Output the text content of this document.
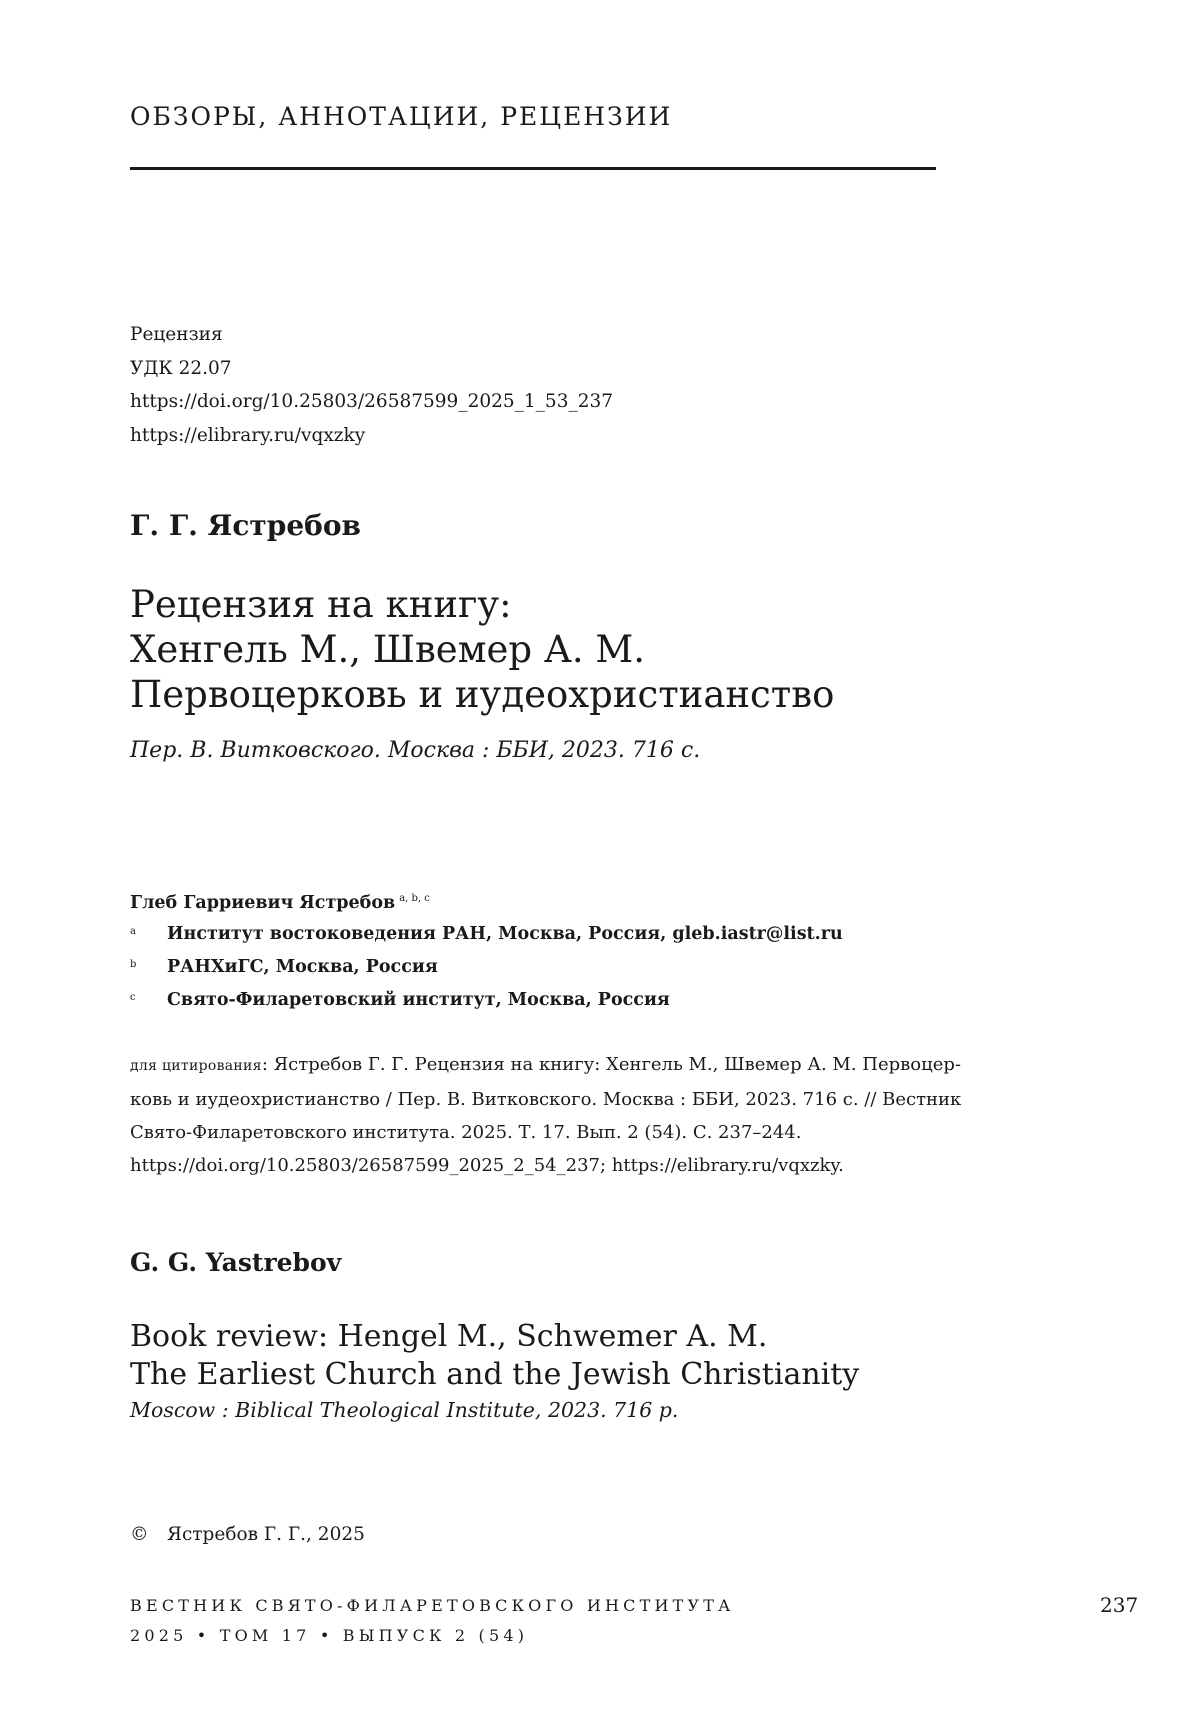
ОБЗОРЫ, АННОТАЦИИ, РЕЦЕНЗИИ
Рецензия
УДК 22.07
https://doi.org/10.25803/26587599_2025_1_53_237
https://elibrary.ru/vqxzky
Г. Г. Ястребов
Рецензия на книгу:
Хенгель М., Швемер А. М.
Первоцерковь и иудеохристианство
Пер. В. Витковского. Москва : ББИ, 2023. 716 с.
Глеб Гарриевич Ястребов $^{a, b, c}$
a Институт востоковедения РАН, Москва, Россия, gleb.iastr@list.ru
b РАНХиГС, Москва, Россия
c Свято-Филаретовский институт, Москва, Россия
для цитирования: Ястребов Г. Г. Рецензия на книгу: Хенгель М., Швемер А. М. Первоцер-
ковь и иудеохристианство / Пер. В. Витковского. Москва : ББИ, 2023. 716 с. // Вестник
Свято-Филаретовского института. 2025. Т. 17. Вып. 2 (54). С. 237–244.
https://doi.org/10.25803/26587599_2025_2_54_237; https://elibrary.ru/vqxzky.
G. G. Yastrebov
Book review: Hengel M., Schwemer A. M.
The Earliest Church and the Jewish Christianity
Moscow : Biblical Theological Institute, 2023. 716 p.
© Ястребов Г. Г., 2025
ВЕСТНИК СВЯТО-ФИЛАРЕТОВСКОГО ИНСТИТУТА
2025 • ТОМ 17 • ВЫПУСК 2 (54)
237
